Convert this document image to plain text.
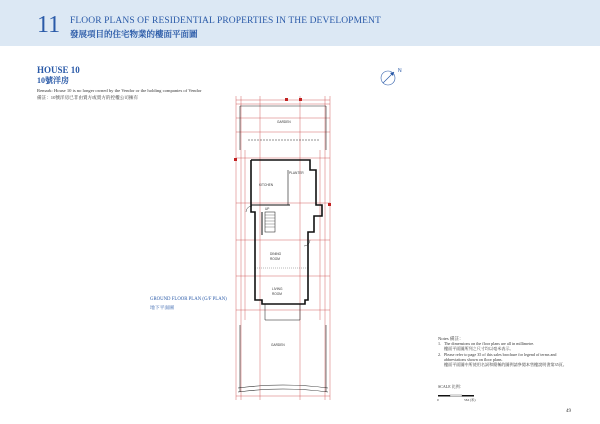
11 FLOOR PLANS OF RESIDENTIAL PROPERTIES IN THE DEVELOPMENT
發展項目的住宅物業的樓面平面圖
HOUSE 10
10號洋房
Remark: House 10 is no longer owned by the Vendor or the holding companies of Vendor
備註：10號洋房已非由賣方或賣方的控權公司擁有
N
GARDEN
KITCHEN
PLANTER
DINING
ROOM
LIVING
ROOM
GARDEN
UP
GROUND FLOOR PLAN (G/F PLAN)
地下平面圖
Notes 備註：
1. The dimensions on the floor plans are all in millimetre.
樓面平面圖所列之尺寸均以毫米表示。
2. Please refer to page 35 of this sales brochure for legend of terms and abbreviations shown on floor plans.
樓面平面圖中所使用名詞和簡稱的圖例請參閱本售樓說明書第35頁。
SCALE 比例：
0	5M (米)
49
